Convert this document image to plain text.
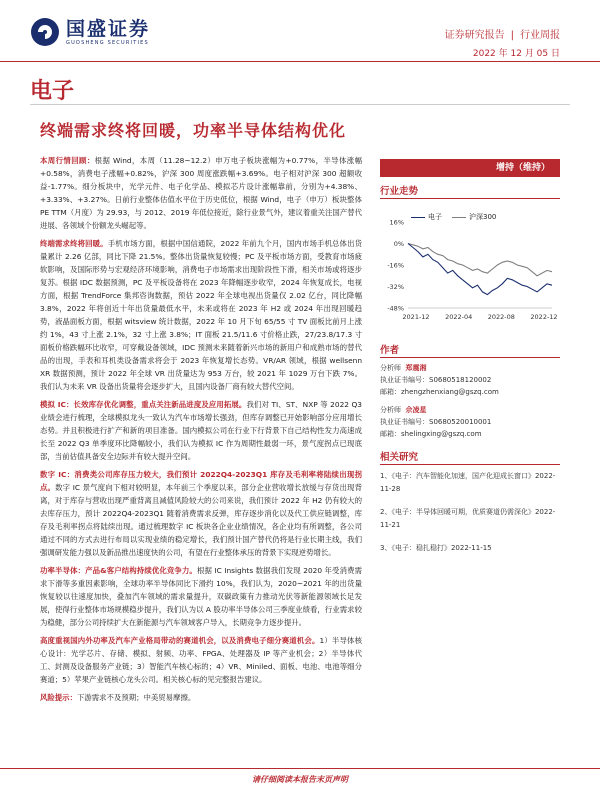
国盛证券
GUOSHENG SECURITIES
证券研究报告 | 行业周报
2022 年 12 月 05 日
电子
终端需求终将回暖，功率半导体结构优化

本周行情回顾：根据 Wind，本周（11.28~12.2）申万电子板块涨幅为+0.77%，半导体涨幅+0.58%，消费电子涨幅+0.82%，沪深 300 周度涨跌幅+3.69%。电子相对沪深 300 超额收益-1.77%。细分板块中，光学元件、电子化学品、模拟芯片设计涨幅靠前，分别为+4.38%、+3.33%、+3.27%。日前行业整体估值水平位于历史低位，根据 Wind，电子（申万）板块整体 PE TTM（月度）为 29.93，与 2012、2019 年低位接近，除行业景气外，建议着重关注国产替代进展、各领域个份额龙头崛起等。

终端需求终将回暖。手机市场方面，根据中国信通院，2022 年前九个月，国内市场手机总体出货量累计 2.26 亿部，同比下降 21.5%。整体出货量恢复较慢；PC 及平板市场方面，受教育市场疲软影响，及国际形势与宏观经济环境影响，消费电子市场需求出现阶段性下滑，相关市场或将逐步复苏。根据 IDC 数据预测，PC 及平板设备将在 2023 年降幅逐步收窄，2024 年恢复成长，电视方面，根据 TrendForce 集邦咨询数据，预估 2022 年全球电视出货量仅 2.02 亿台，同比降幅 3.8%，2022 年将创近十年出货量最低水平，未来或将在 2023 年 H2 或 2024 年出现回暖趋势，液晶面板方面，根据 witsview 统计数据，2022 年 10 月下旬 65/55 寸 TV 面板比前月上涨约 1%，43 寸上涨 2.1%，32 寸上涨 3.8%；IT 面板 21.5/11.6 寸价格止跌，27/23.8/17.3 寸面板价格跌幅环比收窄，可穿戴设备领域，IDC 预测未来随着新兴市场的新用户和成熟市场的替代品的出现，手表和耳机类设备需求将会于 2023 年恢复增长态势。VR/AR 领域，根据 wellsenn XR 数据预测，预计 2022 年全球 VR 出货量达为 953 万台，较 2021 年 1029 万台下跌 7%。我们认为未来 VR 设备出货量将会逐步扩大，且国内设备厂商有较大替代空间。

模拟 IC：长效库存优化调整，重点关注新品进度及应用拓展。我们对 TI、ST、NXP 等 2022 Q3 业绩会进行梳理，全球模拟龙头一致认为汽车市场增长强劲，但库存调整已开始影响部分应用增长态势。并且积极进行扩产和新的项目准备。国内模拟公司在行业下行背景下自己结构性发力高速成长至 2022 Q3 单季度环比降幅较小，我们认为模拟 IC 作为周期性最弱一环，景气度拐点已现底部，当前估值具备安全边际并有较大提升空间。

数字 IC：消费类公司库存压力较大，我们预计 2022Q4-2023Q1 库存及毛利率将陆续出现拐点。数字 IC 景气度向下相对较明显，本年前三个季度以来，部分企业营收增长放缓与存货出现背离，对于库存与营收出现严重背离且减值风险较大的公司来说，我们预计 2022 年 H2 仍有较大的去库存压力，预计 2022Q4-2023Q1 随着消费需求反弹，库存逐步消化以及代工供应链调整，库存及毛利率拐点将陆续出现。通过梳理数字 IC 板块各企业业绩情况，各企业均有所调整，各公司通过不同的方式去进行布局以实现业绩的稳定增长，我们预计国产替代仍将是行业长期主线，我们强调研发能力强以及新品推出速度快的公司，有望在行业整体承压的背景下实现逆势增长。

功率半导体：产品&客户结构持续优化竞争力。根据 IC Insights 数据我们发现 2020 年受消费需求下滑等多重因素影响，全球功率半导体同比下滑约 10%，我们认为，2020~2021 年的出货量恢复较以往速度加快，叠加汽车领域的需求量提升，双碳政策有力推动光伏等新能源领域长足发展，使得行业整体市场规模稳步提升，我们认为以 A 股功率半导体公司三季度业绩看，行业需求较为稳健，部分公司持续扩大在新能源与汽车领域客户导入，长期竞争力逐步提升。

高度重视国内外功率及汽车产业格局带动的赛道机会，以及消费电子细分赛道机会。1）半导体核心设计：光学芯片、存储、模拟、射频、功率、FPGA、处理器及 IP 等产业机会；2）半导体代工、封测及设备服务产业链；3）智能汽车核心标的；4）VR、Miniled、面板、电池、电池等细分赛道；5）苹果产业链核心龙头公司。相关核心标的见完整报告建议。

风险提示：下游需求不及预期；中美贸易摩擦。

增持（维持）
行业走势
电子	沪深300
16%
0%
-16%
-32%
-48%
2021-12 2022-04 2022-08 2022-12
作者
分析师 郑震湘
执业证书编号：S0680518120002
邮箱：zhengzhenxiang@gszq.com
分析师 佘凌星
执业证书编号：S0680520010001
邮箱：shelingxing@gszq.com
相关研究
1、《电子：汽车智能化加速，国产化迎成长窗口》2022-11-28
2、《电子：半导体回暖可期，优质赛道仍需深化》2022-11-21
3、《电子：稳扎稳打》2022-11-15
请仔细阅读本报告末页声明
